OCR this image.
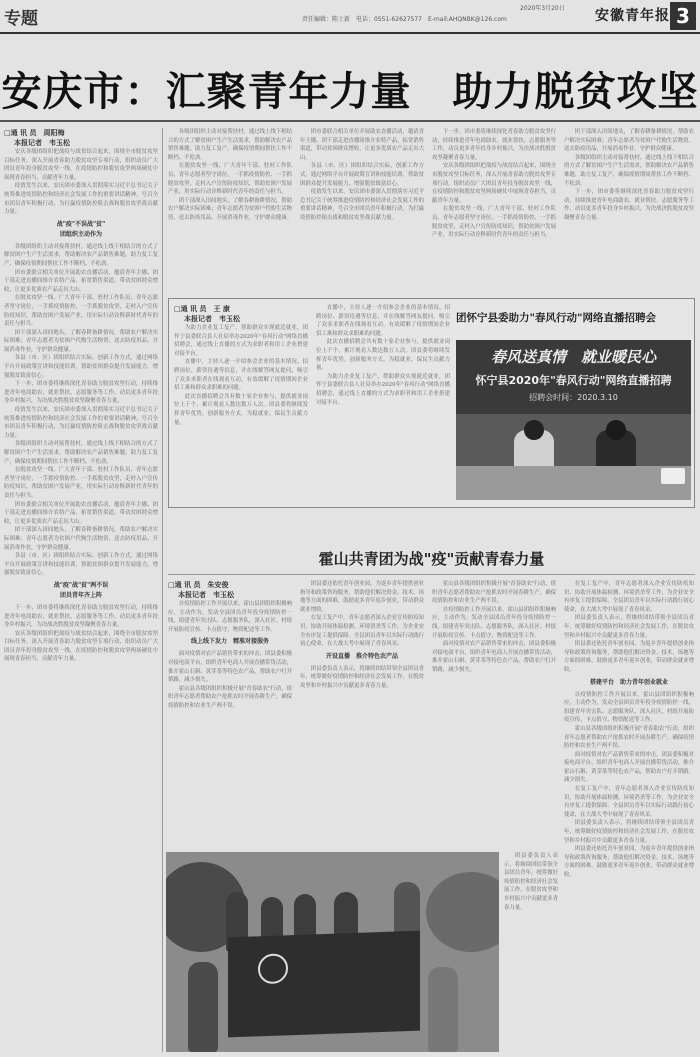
专题
2020年3月20日
责任编辑：陈士新　电话：0551-62627577　E-mail:AHQNBK@126.com	安徽青年报 3
安庆市：汇聚青年力量　助力脱贫攻坚
□通 讯 员　周阳梅
本报记者　韦玉松

安庆各级团组织把战疫与战贫结合起来，围绕全市脱贫攻坚目标任务，深入开展青春助力脱贫攻坚专项行动，组织动员广大团员青年投身脱贫攻坚一线，在疫情防控和脱贫攻坚两场硬仗中展现青春担当，贡献青年力量。

疫情发生以来，安庆团市委深入贯彻落实习近平总书记关于统筹推进疫情防控和经济社会发展工作的重要讲话精神，号召全市团员青年积极行动，为打赢疫情防控阻击战和脱贫攻坚战贡献力量。

战"疫"不误战"贫"
团组织主动作为

各级团组织主动对接帮扶村，通过线上线下相结合的方式了解贫困户生产生活需求，帮助解决农产品销售难题，助力复工复产，确保疫情期间帮扶工作不断档、不松劲。

团市委联合相关单位开展助农直播活动，邀请青年主播、团干部走进直播间推介农特产品，拓宽销售渠道，带动贫困群众增收，让更多优质农产品走出大山。

在脱贫攻坚一线，广大青年干部、驻村工作队员、青年志愿者坚守岗位，一手抓疫情防控、一手抓脱贫攻坚，走村入户宣传防疫知识，帮助贫困户发展产业，用实际行动诠释新时代青年的责任与担当。

团干部深入田间地头，了解春耕备耕情况，帮助农户解决实际困难；青年志愿者为贫困户代购生活物资，送去防疫用品，开展消毒作业，守护群众健康。

各县（市、区）团组织结合实际，创新工作方式，通过网络平台开展政策宣讲和技能培训，帮助贫困群众提升发展能力，增强脱贫致富信心。

下一步，团市委将继续深化青春助力脱贫攻坚行动，持续推进青年电商助农、就业帮扶、志愿服务等工作，动员更多青年投身乡村振兴，为决战决胜脱贫攻坚凝聚青春力量。

疫情发生以来，安庆团市委深入贯彻落实习近平总书记关于统筹推进疫情防控和经济社会发展工作的重要讲话精神，号召全市团员青年积极行动，为打赢疫情防控阻击战和脱贫攻坚战贡献力量。

各级团组织主动对接帮扶村，通过线上线下相结合的方式了解贫困户生产生活需求，帮助解决农产品销售难题，助力复工复产，确保疫情期间帮扶工作不断档、不松劲。

在脱贫攻坚一线，广大青年干部、驻村工作队员、青年志愿者坚守岗位，一手抓疫情防控、一手抓脱贫攻坚，走村入户宣传防疫知识，帮助贫困户发展产业，用实际行动诠释新时代青年的责任与担当。

团市委联合相关单位开展助农直播活动，邀请青年主播、团干部走进直播间推介农特产品，拓宽销售渠道，带动贫困群众增收，让更多优质农产品走出大山。

团干部深入田间地头，了解春耕备耕情况，帮助农户解决实际困难；青年志愿者为贫困户代购生活物资，送去防疫用品，开展消毒作业，守护群众健康。

各县（市、区）团组织结合实际，创新工作方式，通过网络平台开展政策宣讲和技能培训，帮助贫困群众提升发展能力，增强脱贫致富信心。

战"疫"战"贫"两不误
团员青年齐上阵

下一步，团市委将继续深化青春助力脱贫攻坚行动，持续推进青年电商助农、就业帮扶、志愿服务等工作，动员更多青年投身乡村振兴，为决战决胜脱贫攻坚凝聚青春力量。

安庆各级团组织把战疫与战贫结合起来，围绕全市脱贫攻坚目标任务，深入开展青春助力脱贫攻坚专项行动，组织动员广大团员青年投身脱贫攻坚一线，在疫情防控和脱贫攻坚两场硬仗中展现青春担当，贡献青年力量。

各级团组织主动对接帮扶村，通过线上线下相结合的方式了解贫困户生产生活需求，帮助解决农产品销售难题，助力复工复产，确保疫情期间帮扶工作不断档、不松劲。

在脱贫攻坚一线，广大青年干部、驻村工作队员、青年志愿者坚守岗位，一手抓疫情防控、一手抓脱贫攻坚，走村入户宣传防疫知识，帮助贫困户发展产业，用实际行动诠释新时代青年的责任与担当。

团干部深入田间地头，了解春耕备耕情况，帮助农户解决实际困难；青年志愿者为贫困户代购生活物资，送去防疫用品，开展消毒作业，守护群众健康。

团市委联合相关单位开展助农直播活动，邀请青年主播、团干部走进直播间推介农特产品，拓宽销售渠道，带动贫困群众增收，让更多优质农产品走出大山。

各县（市、区）团组织结合实际，创新工作方式，通过网络平台开展政策宣讲和技能培训，帮助贫困群众提升发展能力，增强脱贫致富信心。

疫情发生以来，安庆团市委深入贯彻落实习近平总书记关于统筹推进疫情防控和经济社会发展工作的重要讲话精神，号召全市团员青年积极行动，为打赢疫情防控阻击战和脱贫攻坚战贡献力量。

下一步，团市委将继续深化青春助力脱贫攻坚行动，持续推进青年电商助农、就业帮扶、志愿服务等工作，动员更多青年投身乡村振兴，为决战决胜脱贫攻坚凝聚青春力量。

安庆各级团组织把战疫与战贫结合起来，围绕全市脱贫攻坚目标任务，深入开展青春助力脱贫攻坚专项行动，组织动员广大团员青年投身脱贫攻坚一线，在疫情防控和脱贫攻坚两场硬仗中展现青春担当，贡献青年力量。

在脱贫攻坚一线，广大青年干部、驻村工作队员、青年志愿者坚守岗位，一手抓疫情防控、一手抓脱贫攻坚，走村入户宣传防疫知识，帮助贫困户发展产业，用实际行动诠释新时代青年的责任与担当。

团干部深入田间地头，了解春耕备耕情况，帮助农户解决实际困难；青年志愿者为贫困户代购生活物资，送去防疫用品，开展消毒作业，守护群众健康。

各级团组织主动对接帮扶村，通过线上线下相结合的方式了解贫困户生产生活需求，帮助解决农产品销售难题，助力复工复产，确保疫情期间帮扶工作不断档、不松劲。

下一步，团市委将继续深化青春助力脱贫攻坚行动，持续推进青年电商助农、就业帮扶、志愿服务等工作，动员更多青年投身乡村振兴，为决战决胜脱贫攻坚凝聚青春力量。

□通 讯 员　王 康
本报记者　韦玉松

为助力企业复工复产，帮助群众实现就近就业，团怀宁县委联合县人社局举办2020年"春风行动"网络直播招聘会，通过线上直播的方式为求职者和用工企业搭建对接平台。

直播中，主持人逐一介绍参会企业的基本情况、招聘岗位、薪资待遇等信息，并在线解答网友提问，吸引了众多求职者在线观看互动，有效缓解了疫情期间企业招工难和群众求职难的问题。

此次直播招聘会共有数十家企业参与，提供就业岗位上千个，累计观看人数达数万人次。团县委将继续发挥青年优势，创新服务方式，为稳就业、保民生贡献力量。

直播中，主持人逐一介绍参会企业的基本情况、招聘岗位、薪资待遇等信息，并在线解答网友提问，吸引了众多求职者在线观看互动，有效缓解了疫情期间企业招工难和群众求职难的问题。

此次直播招聘会共有数十家企业参与，提供就业岗位上千个，累计观看人数达数万人次。团县委将继续发挥青年优势，创新服务方式，为稳就业、保民生贡献力量。

为助力企业复工复产，帮助群众实现就近就业，团怀宁县委联合县人社局举办2020年"春风行动"网络直播招聘会，通过线上直播的方式为求职者和用工企业搭建对接平台。

团怀宁县委助力"春风行动"网络直播招聘会
春风送真情　就业暖民心
怀宁县2020年"春风行动"网络直播招聘
招聘会时间：2020.3.10
霍山共青团为战"疫"贡献青春力量
□通 讯 员　朱安俊
本报记者　韦玉松

自疫情防控工作开展以来，霍山县团组织积极响应，主动作为，发动全县团员青年投身疫情防控一线，组建青年突击队、志愿服务队，深入社区、村组开展防疫宣传、卡点值守、物资配送等工作。

线上线下发力　精准对接服务

面对疫情对农产品销售带来的冲击，团县委积极对接电商平台，组织青年电商人开展直播带货活动，推介霍山石斛、黄芽茶等特色农产品，帮助农户打开销路，减少损失。

霍山县各级团组织积极开展"青春助农"行动，组织青年志愿者帮助农户抢抓农时开展春耕生产，确保疫情防控和农业生产两不误。

团县委还依托青年创业园，为返乡青年提供创业指导和政策咨询服务，帮助他们解决资金、技术、场地等方面的困难，鼓励更多青年返乡创业，带动群众就业增收。

在复工复产中，青年志愿者深入企业宣传防疫知识，协助开展体温检测、环境消杀等工作，为企业安全有序复工提供保障。全县团员青年以实际行动践行初心使命，在大战大考中展现了青春风采。

开设直播　推介特色农产品

团县委负责人表示，将继续团结带领全县团员青年，统筹做好疫情防控和经济社会发展工作，在脱贫攻坚和乡村振兴中贡献更多青春力量。

霍山县各级团组织积极开展"青春助农"行动，组织青年志愿者帮助农户抢抓农时开展春耕生产，确保疫情防控和农业生产两不误。

自疫情防控工作开展以来，霍山县团组织积极响应，主动作为，发动全县团员青年投身疫情防控一线，组建青年突击队、志愿服务队，深入社区、村组开展防疫宣传、卡点值守、物资配送等工作。

面对疫情对农产品销售带来的冲击，团县委积极对接电商平台，组织青年电商人开展直播带货活动，推介霍山石斛、黄芽茶等特色农产品，帮助农户打开销路，减少损失。

在复工复产中，青年志愿者深入企业宣传防疫知识，协助开展体温检测、环境消杀等工作，为企业安全有序复工提供保障。全县团员青年以实际行动践行初心使命，在大战大考中展现了青春风采。

团县委负责人表示，将继续团结带领全县团员青年，统筹做好疫情防控和经济社会发展工作，在脱贫攻坚和乡村振兴中贡献更多青春力量。

团县委还依托青年创业园，为返乡青年提供创业指导和政策咨询服务，帮助他们解决资金、技术、场地等方面的困难，鼓励更多青年返乡创业，带动群众就业增收。

搭建平台　助力青年创业就业

自疫情防控工作开展以来，霍山县团组织积极响应，主动作为，发动全县团员青年投身疫情防控一线，组建青年突击队、志愿服务队，深入社区、村组开展防疫宣传、卡点值守、物资配送等工作。

霍山县各级团组织积极开展"青春助农"行动，组织青年志愿者帮助农户抢抓农时开展春耕生产，确保疫情防控和农业生产两不误。

面对疫情对农产品销售带来的冲击，团县委积极对接电商平台，组织青年电商人开展直播带货活动，推介霍山石斛、黄芽茶等特色农产品，帮助农户打开销路，减少损失。

在复工复产中，青年志愿者深入企业宣传防疫知识，协助开展体温检测、环境消杀等工作，为企业安全有序复工提供保障。全县团员青年以实际行动践行初心使命，在大战大考中展现了青春风采。

团县委负责人表示，将继续团结带领全县团员青年，统筹做好疫情防控和经济社会发展工作，在脱贫攻坚和乡村振兴中贡献更多青春力量。

团县委还依托青年创业园，为返乡青年提供创业指导和政策咨询服务，帮助他们解决资金、技术、场地等方面的困难，鼓励更多青年返乡创业，带动群众就业增收。

团县委负责人表示，将继续团结带领全县团员青年，统筹做好疫情防控和经济社会发展工作，在脱贫攻坚和乡村振兴中贡献更多青春力量。
